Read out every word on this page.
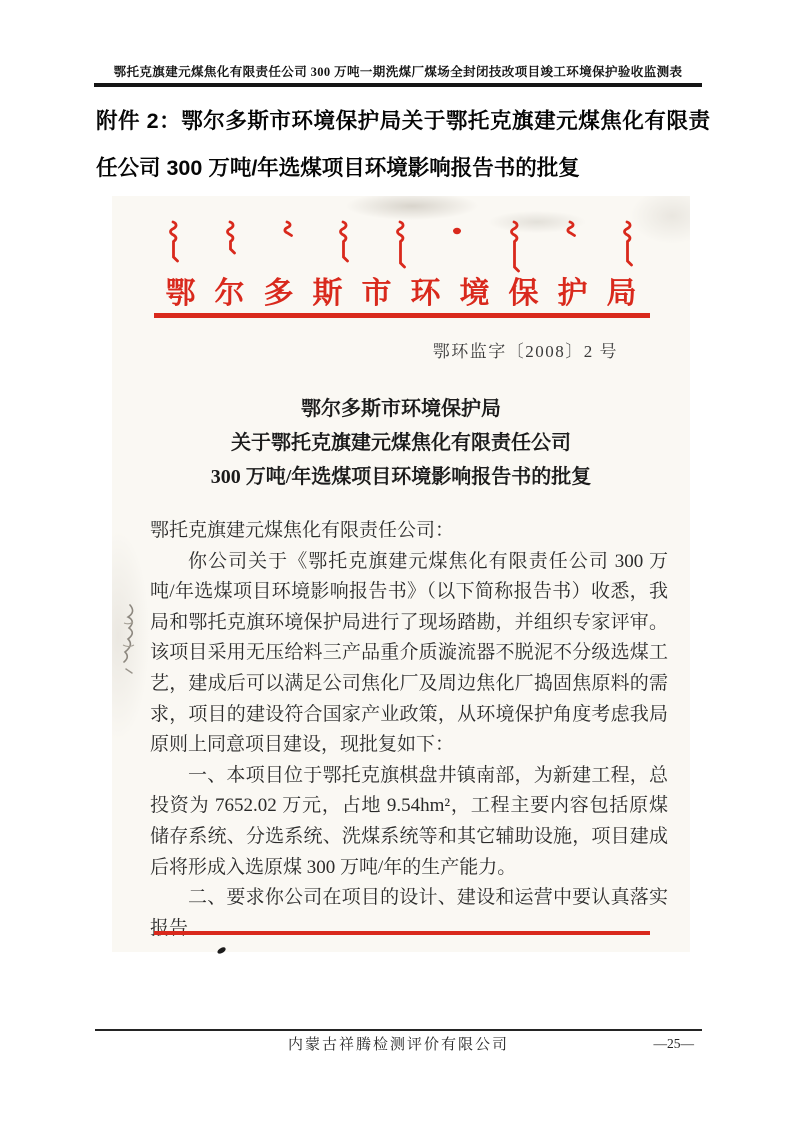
鄂托克旗建元煤焦化有限责任公司 300 万吨一期洗煤厂煤场全封闭技改项目竣工环境保护验收监测表
附件 2：鄂尔多斯市环境保护局关于鄂托克旗建元煤焦化有限责任公司 300 万吨/年选煤项目环境影响报告书的批复
鄂尔多斯市环境保护局
鄂环监字〔2008〕2 号
鄂尔多斯市环境保护局
关于鄂托克旗建元煤焦化有限责任公司
300 万吨/年选煤项目环境影响报告书的批复

鄂托克旗建元煤焦化有限责任公司：

你公司关于《鄂托克旗建元煤焦化有限责任公司 300 万吨/年选煤项目环境影响报告书》（以下简称报告书）收悉，我局和鄂托克旗环境保护局进行了现场踏勘，并组织专家评审。该项目采用无压给料三产品重介质漩流器不脱泥不分级选煤工艺，建成后可以满足公司焦化厂及周边焦化厂捣固焦原料的需求，项目的建设符合国家产业政策，从环境保护角度考虑我局原则上同意项目建设，现批复如下：

一、本项目位于鄂托克旗棋盘井镇南部，为新建工程，总投资为 7652.02 万元，占地 9.54hm²，工程主要内容包括原煤储存系统、分选系统、洗煤系统等和其它辅助设施，项目建成后将形成入选原煤 300 万吨/年的生产能力。

二、要求你公司在项目的设计、建设和运营中要认真落实报告

内蒙古祥腾检测评价有限公司	—25—
